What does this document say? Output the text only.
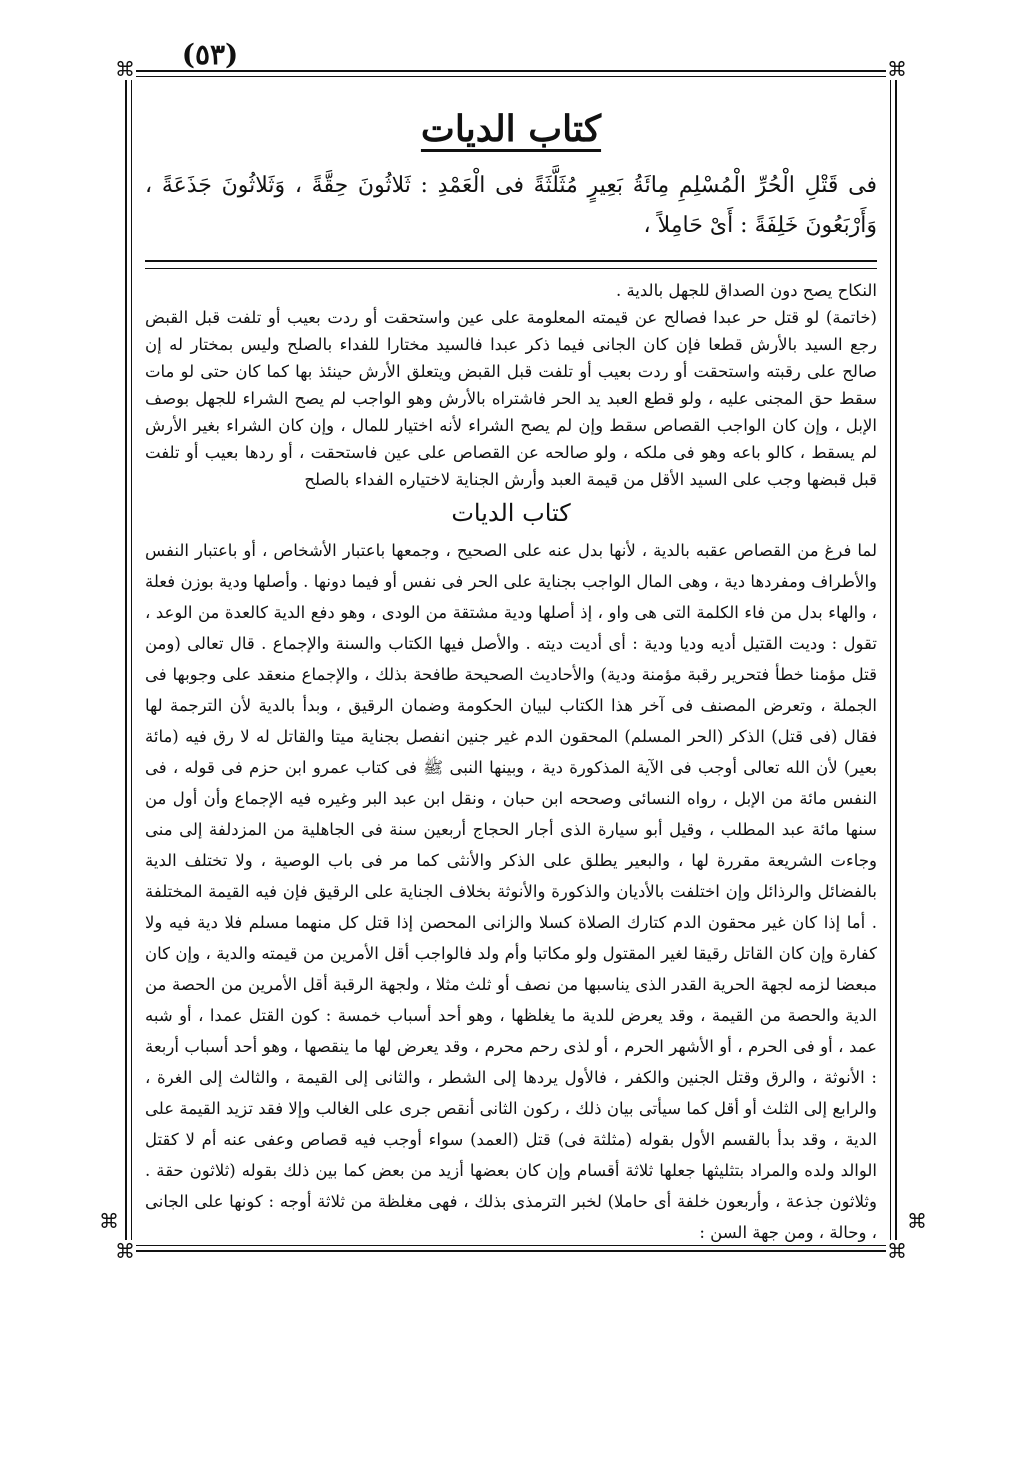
(٥٣)
⌘	⌘
⌘	⌘
⌘
⌘
كتاب الديات

فى قَتْلِ الْحُرِّ الْمُسْلِمِ مِائَةُ بَعِيرٍ مُثَلَّثَةً فى الْعَمْدِ : ثَلاثُونَ حِقَّةً ، وَثَلاثُونَ جَذَعَةً ، وَأَرْبَعُونَ خَلِفَةً : أَىْ حَامِلاً ،

النكاح يصح دون الصداق للجهل بالدية .

(خاتمة) لو قتل حر عبدا فصالح عن قيمته المعلومة على عين واستحقت أو ردت بعيب أو تلفت قبل القبض رجع السيد بالأرش قطعا فإن كان الجانى فيما ذكر عبدا فالسيد مختارا للفداء بالصلح وليس بمختار له إن صالح على رقبته واستحقت أو ردت بعيب أو تلفت قبل القبض ويتعلق الأرش حينئذ بها كما كان حتى لو مات سقط حق المجنى عليه ، ولو قطع العبد يد الحر فاشتراه بالأرش وهو الواجب لم يصح الشراء للجهل بوصف الإبل ، وإن كان الواجب القصاص سقط وإن لم يصح الشراء لأنه اختيار للمال ، وإن كان الشراء بغير الأرش لم يسقط ، كالو باعه وهو فى ملكه ، ولو صالحه عن القصاص على عين فاستحقت ، أو ردها بعيب أو تلفت قبل قبضها وجب على السيد الأقل من قيمة العبد وأرش الجناية لاختياره الفداء بالصلح

كتاب الديات

لما فرغ من القصاص عقبه بالدية ، لأنها بدل عنه على الصحيح ، وجمعها باعتبار الأشخاص ، أو باعتبار النفس والأطراف ومفردها دية ، وهى المال الواجب بجناية على الحر فى نفس أو فيما دونها . وأصلها ودية بوزن فعلة ، والهاء بدل من فاء الكلمة التى هى واو ، إذ أصلها ودية مشتقة من الودى ، وهو دفع الدية كالعدة من الوعد ، تقول : وديت القتيل أديه وديا ودية : أى أديت ديته . والأصل فيها الكتاب والسنة والإجماع . قال تعالى (ومن قتل مؤمنا خطأ فتحرير رقبة مؤمنة ودية) والأحاديث الصحيحة طافحة بذلك ، والإجماع منعقد على وجوبها فى الجملة ، وتعرض المصنف فى آخر هذا الكتاب لبيان الحكومة وضمان الرقيق ، وبدأ بالدية لأن الترجمة لها فقال (فى قتل) الذكر (الحر المسلم) المحقون الدم غير جنين انفصل بجناية ميتا والقاتل له لا رق فيه (مائة بعير) لأن الله تعالى أوجب فى الآية المذكورة دية ، وبينها النبى ﷺ فى كتاب عمرو ابن حزم فى قوله ، فى النفس مائة من الإبل ، رواه النسائى وصححه ابن حبان ، ونقل ابن عبد البر وغيره فيه الإجماع وأن أول من سنها مائة عبد المطلب ، وقيل أبو سيارة الذى أجار الحجاج أربعين سنة فى الجاهلية من المزدلفة إلى منى وجاءت الشريعة مقررة لها ، والبعير يطلق على الذكر والأنثى كما مر فى باب الوصية ، ولا تختلف الدية بالفضائل والرذائل وإن اختلفت بالأديان والذكورة والأنوثة بخلاف الجناية على الرقيق فإن فيه القيمة المختلفة . أما إذا كان غير محقون الدم كتارك الصلاة كسلا والزانى المحصن إذا قتل كل منهما مسلم فلا دية فيه ولا كفارة وإن كان القاتل رقيقا لغير المقتول ولو مكاتبا وأم ولد فالواجب أقل الأمرين من قيمته والدية ، وإن كان مبعضا لزمه لجهة الحرية القدر الذى يناسبها من نصف أو ثلث مثلا ، ولجهة الرقبة أقل الأمرين من الحصة من الدية والحصة من القيمة ، وقد يعرض للدية ما يغلظها ، وهو أحد أسباب خمسة : كون القتل عمدا ، أو شبه عمد ، أو فى الحرم ، أو الأشهر الحرم ، أو لذى رحم محرم ، وقد يعرض لها ما ينقصها ، وهو أحد أسباب أربعة : الأنوثة ، والرق وقتل الجنين والكفر ، فالأول يردها إلى الشطر ، والثانى إلى القيمة ، والثالث إلى الغرة ، والرابع إلى الثلث أو أقل كما سيأتى بيان ذلك ، ركون الثانى أنقص جرى على الغالب وإلا فقد تزيد القيمة على الدية ، وقد بدأ بالقسم الأول بقوله (مثلثة فى) قتل (العمد) سواء أوجب فيه قصاص وعفى عنه أم لا كقتل الوالد ولده والمراد بتثليثها جعلها ثلاثة أقسام وإن كان بعضها أزيد من بعض كما بين ذلك بقوله (ثلاثون حقة . وثلاثون جذعة ، وأربعون خلفة أى حاملا) لخبر الترمذى بذلك ، فهى مغلظة من ثلاثة أوجه : كونها على الجانى ، وحالة ، ومن جهة السن :
